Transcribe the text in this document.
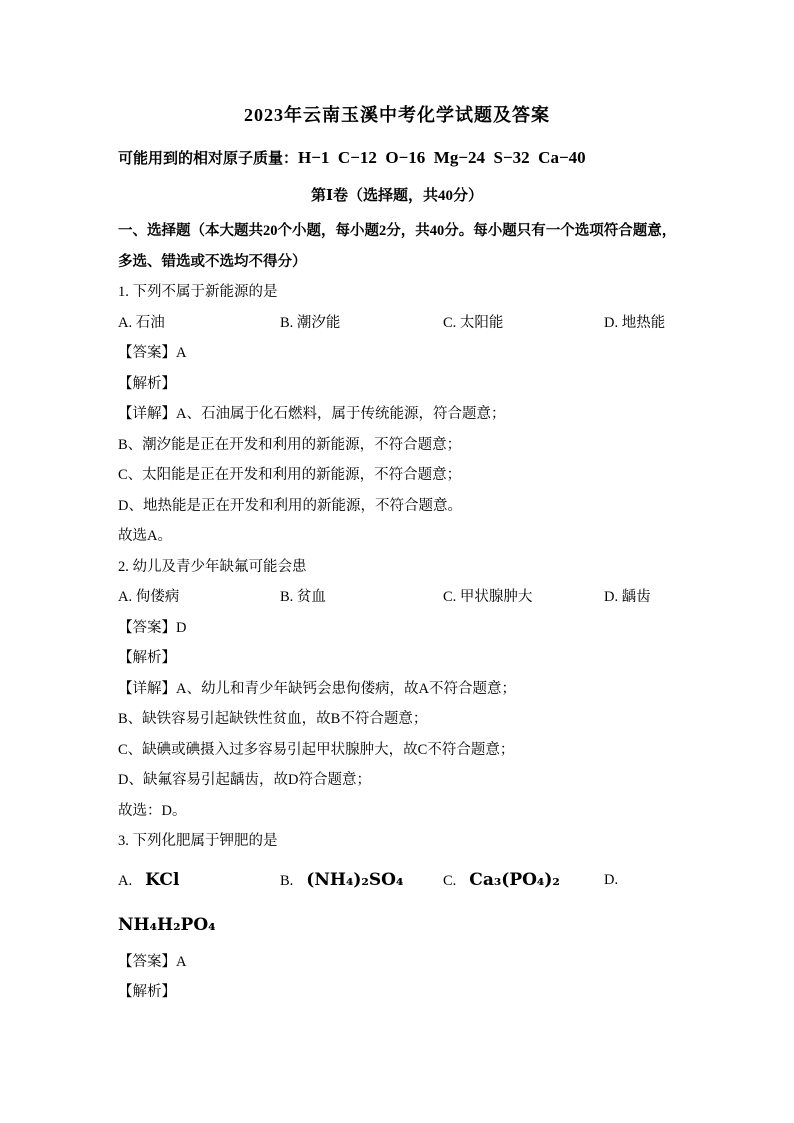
2023年云南玉溪中考化学试题及答案

可能用到的相对原子质量：H−1  C−12  O−16  Mg−24  S−32  Ca−40

第Ⅰ卷（选择题，共40分）

一、选择题（本大题共20个小题，每小题2分，共40分。每小题只有一个选项符合题意，

多选、错选或不选均不得分）

1. 下列不属于新能源的是

A. 石油	B. 潮汐能	C. 太阳能	D. 地热能

【答案】A

【解析】

【详解】A、石油属于化石燃料，属于传统能源，符合题意；

B、潮汐能是正在开发和利用的新能源，不符合题意；

C、太阳能是正在开发和利用的新能源，不符合题意；

D、地热能是正在开发和利用的新能源，不符合题意。

故选A。

2. 幼儿及青少年缺氟可能会患

A. 佝偻病	B. 贫血	C. 甲状腺肿大	D. 龋齿

【答案】D

【解析】

【详解】A、幼儿和青少年缺钙会患佝偻病，故A不符合题意；

B、缺铁容易引起缺铁性贫血，故B不符合题意；

C、缺碘或碘摄入过多容易引起甲状腺肿大，故C不符合题意；

D、缺氟容易引起龋齿，故D符合题意；

故选：D。

3. 下列化肥属于钾肥的是

A. KCl	B. (NH₄)₂SO₄	C. Ca₃(PO₄)₂	D.

NH₄H₂PO₄

【答案】A

【解析】
